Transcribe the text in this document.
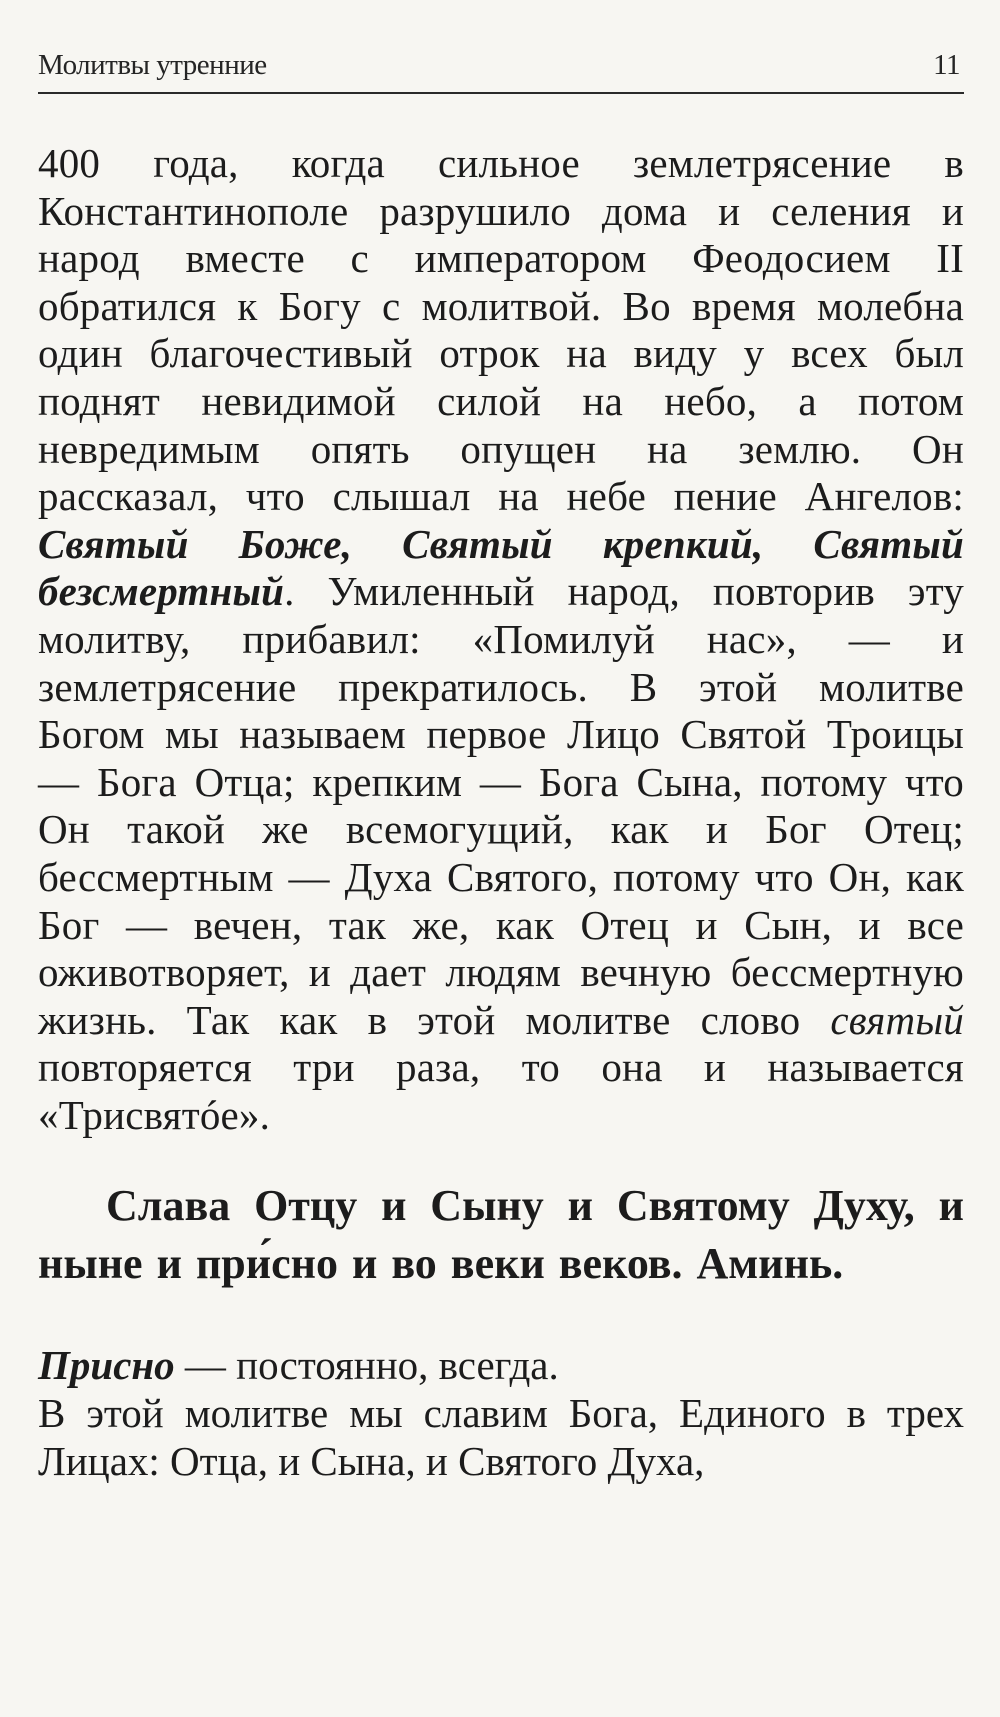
Молитвы утренние	11

400 года, когда сильное землетрясение в Константинополе разрушило дома и селения и народ вместе с императором Феодосием II обратился к Богу с молитвой. Во время молебна один благочестивый отрок на виду у всех был поднят невидимой силой на небо, а потом невредимым опять опущен на землю. Он рассказал, что слышал на небе пение Ангелов: Святый Боже, Святый крепкий, Святый безсмертный. Умиленный народ, повторив эту молитву, прибавил: «Помилуй нас», — и землетрясение прекратилось. В этой молитве Богом мы называем первое Лицо Святой Троицы — Бога Отца; крепким — Бога Сына, потому что Он такой же всемогущий, как и Бог Отец; бессмертным — Духа Святого, потому что Он, как Бог — вечен, так же, как Отец и Сын, и все оживотворяет, и дает людям вечную бессмертную жизнь. Так как в этой молитве слово святый повторяется три раза, то она и называется «Трисвятóе».

Слава Отцу и Сыну и Святому Духу, и ныне и при́сно и во веки веков. Аминь.
Присно — постоянно, всегда.

В этой молитве мы славим Бога, Единого в трех Лицах: Отца, и Сына, и Святого Духа,
